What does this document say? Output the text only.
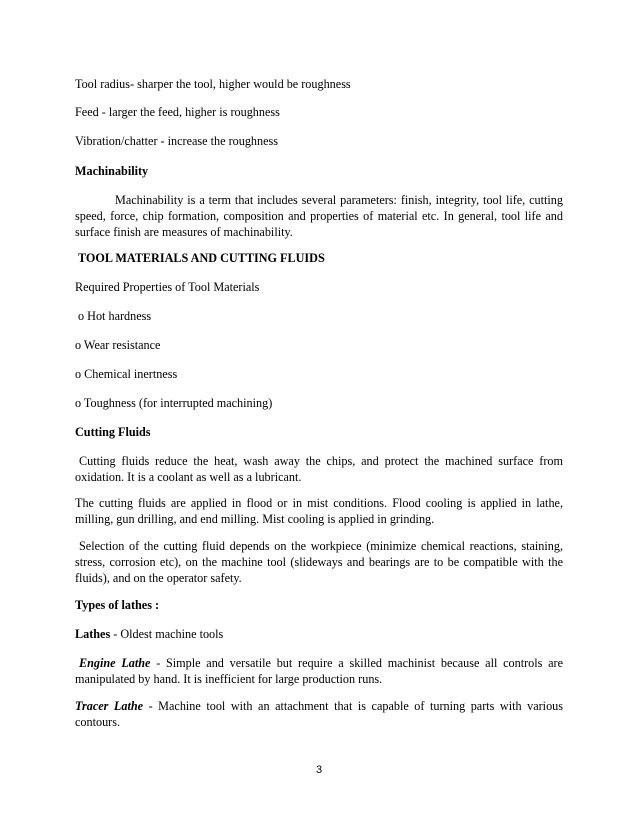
Tool radius- sharper the tool, higher would be roughness

Feed - larger the feed, higher is roughness

Vibration/chatter - increase the roughness

Machinability

Machinability is a term that includes several parameters: finish, integrity, tool life, cutting speed, force, chip formation, composition and properties of material etc. In general, tool life and surface finish are measures of machinability.

TOOL MATERIALS AND CUTTING FLUIDS

Required Properties of Tool Materials

o Hot hardness

o Wear resistance

o Chemical inertness

o Toughness (for interrupted machining)

Cutting Fluids

Cutting fluids reduce the heat, wash away the chips, and protect the machined surface from oxidation. It is a coolant as well as a lubricant.

The cutting fluids are applied in flood or in mist conditions. Flood cooling is applied in lathe, milling, gun drilling, and end milling. Mist cooling is applied in grinding.

Selection of the cutting fluid depends on the workpiece (minimize chemical reactions, staining, stress, corrosion etc), on the machine tool (slideways and bearings are to be compatible with the fluids), and on the operator safety.

Types of lathes :

Lathes - Oldest machine tools

Engine Lathe - Simple and versatile but require a skilled machinist because all controls are manipulated by hand. It is inefficient for large production runs.

Tracer Lathe - Machine tool with an attachment that is capable of turning parts with various contours.

3
